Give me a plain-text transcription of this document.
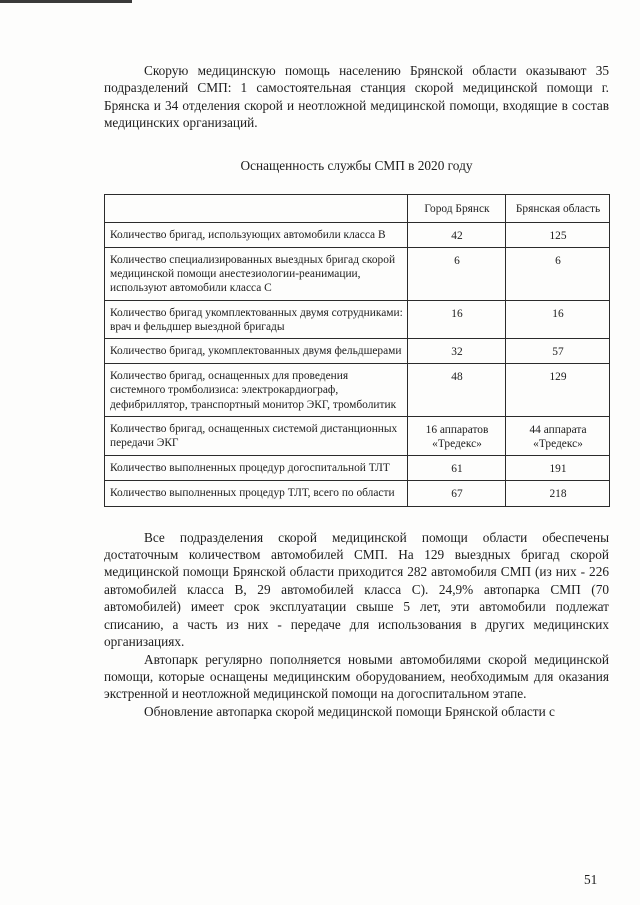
Скорую медицинскую помощь населению Брянской области оказывают 35 подразделений СМП: 1 самостоятельная станция скорой медицинской помощи г. Брянска и 34 отделения скорой и неотложной медицинской помощи, входящие в состав медицинских организаций.

Оснащенность службы СМП в 2020 году

	Город Брянск	Брянская область
Количество бригад, использующих автомобили класса В	42	125
Количество специализированных выездных бригад скорой медицинской помощи анестезиологии-реанимации, используют автомобили класса С	6	6
Количество бригад укомплектованных двумя сотрудниками: врач и фельдшер выездной бригады	16	16
Количество бригад, укомплектованных двумя фельдшерами	32	57
Количество бригад, оснащенных для проведения системного тромболизиса: электрокардиограф, дефибриллятор, транспортный монитор ЭКГ, тромболитик	48	129
Количество бригад, оснащенных системой дистанционных передачи ЭКГ	16 аппаратов «Тредекс»	44 аппарата «Тредекс»
Количество выполненных процедур догоспитальной ТЛТ	61	191
Количество выполненных процедур ТЛТ, всего по области	67	218

Все подразделения скорой медицинской помощи области обеспечены достаточным количеством автомобилей СМП. На 129 выездных бригад скорой медицинской помощи Брянской области приходится 282 автомобиля СМП (из них - 226 автомобилей класса В, 29 автомобилей класса С). 24,9% автопарка СМП (70 автомобилей) имеет срок эксплуатации свыше 5 лет, эти автомобили подлежат списанию, а часть из них - передаче для использования в других медицинских организациях.

Автопарк регулярно пополняется новыми автомобилями скорой медицинской помощи, которые оснащены медицинским оборудованием, необходимым для оказания экстренной и неотложной медицинской помощи на догоспитальном этапе.

Обновление автопарка скорой медицинской помощи Брянской области с

51
